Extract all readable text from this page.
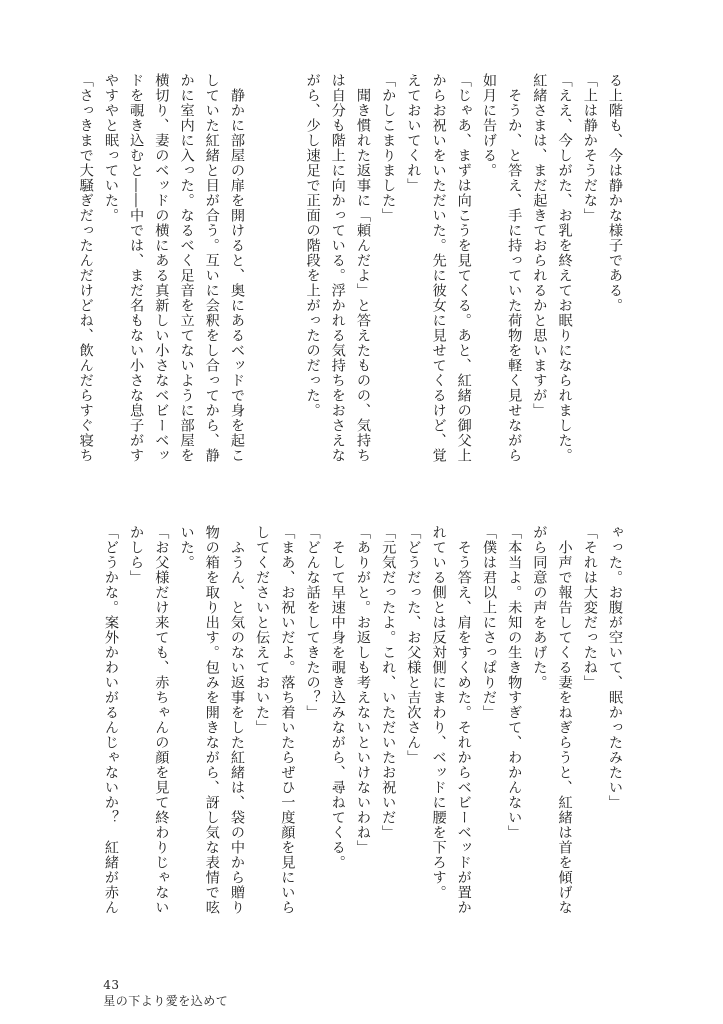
る上階も、今は静かな様子である。
「上は静かそうだな」
「ええ、今しがた、お乳を終えてお眠りになられました。
紅緒さまは、まだ起きておられるかと思いますが」
　そうか、と答え、手に持っていた荷物を軽く見せながら
如月に告げる。
「じゃあ、まずは向こうを見てくる。あと、紅緒の御父上
からお祝いをいただいた。先に彼女に見せてくるけど、覚
えておいてくれ」
「かしこまりました」
　聞き慣れた返事に「頼んだよ」と答えたものの、気持ち
は自分も階上に向かっている。浮かれる気持ちをおさえな
がら、少し速足で正面の階段を上がったのだった。

　静かに部屋の扉を開けると、奥にあるベッドで身を起こ
していた紅緒と目が合う。互いに会釈をし合ってから、静
かに室内に入った。なるべく足音を立てないように部屋を
横切り、妻のベッドの横にある真新しい小さなベビーベッ
ドを覗き込むと――中では、まだ名もない小さな息子がす
やすやと眠っていた。
「さっきまで大騒ぎだったんだけどね、飲んだらすぐ寝ち
ゃった。お腹が空いて、眠かったみたい」
「それは大変だったね」
　小声で報告してくる妻をねぎらうと、紅緒は首を傾げな
がら同意の声をあげた。
「本当よ。未知の生き物すぎて、わかんない」
「僕は君以上にさっぱりだ」
　そう答え、肩をすくめた。それからベビーベッドが置か
れている側とは反対側にまわり、ベッドに腰を下ろす。
「どうだった、お父様と吉次さん」
「元気だったよ。これ、いただいたお祝いだ」
「ありがと。お返しも考えないといけないわね」
　そして早速中身を覗き込みながら、尋ねてくる。
「どんな話をしてきたの？」
「まあ、お祝いだよ。落ち着いたらぜひ一度顔を見にいら
してくださいと伝えておいた」
　ふうん、と気のない返事をした紅緒は、袋の中から贈り
物の箱を取り出す。包みを開きながら、訝し気な表情で呟
いた。
「お父様だけ来ても、赤ちゃんの顔を見て終わりじゃない
かしら」
「どうかな。案外かわいがるんじゃないか？　紅緒が赤ん

43
星の下より愛を込めて
